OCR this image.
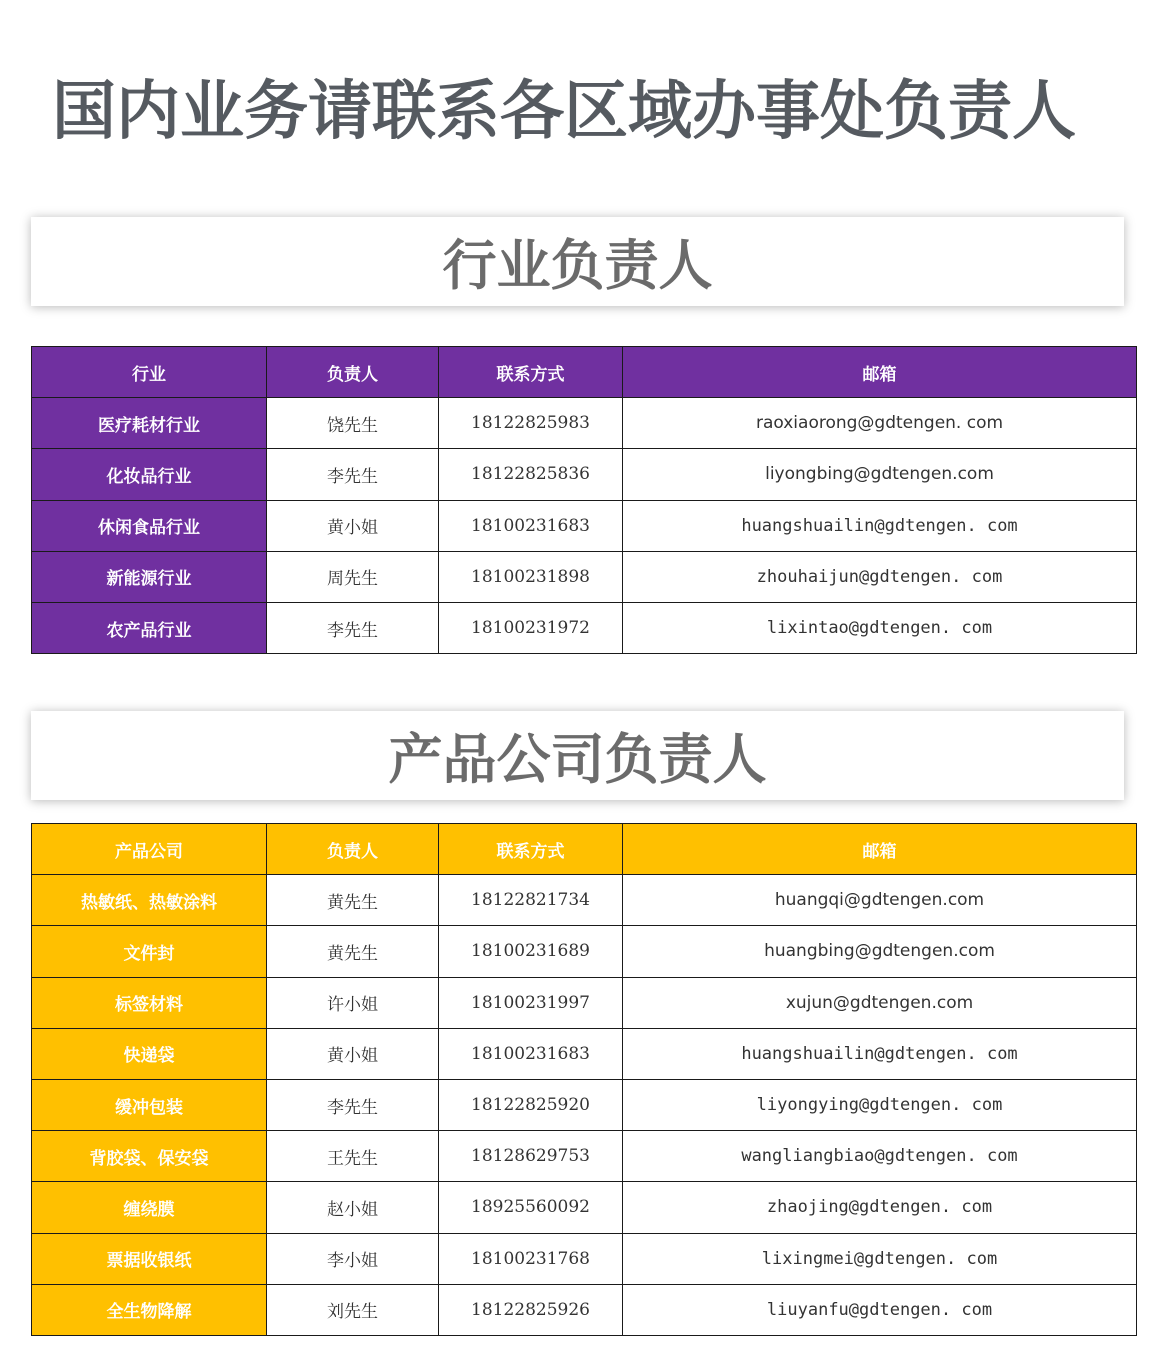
国内业务请联系各区域办事处负责人
行业负责人
行业	负责人	联系方式	邮箱
医疗耗材行业	饶先生	18122825983	raoxiaorong@gdtengen. com
化妆品行业	李先生	18122825836	liyongbing@gdtengen.com
休闲食品行业	黄小姐	18100231683	huangshuailin@gdtengen. com
新能源行业	周先生	18100231898	zhouhaijun@gdtengen. com
农产品行业	李先生	18100231972	lixintao@gdtengen. com
产品公司负责人
产品公司	负责人	联系方式	邮箱
热敏纸、热敏涂料	黄先生	18122821734	huangqi@gdtengen.com
文件封	黄先生	18100231689	huangbing@gdtengen.com
标签材料	许小姐	18100231997	xujun@gdtengen.com
快递袋	黄小姐	18100231683	huangshuailin@gdtengen. com
缓冲包装	李先生	18122825920	liyongying@gdtengen. com
背胶袋、保安袋	王先生	18128629753	wangliangbiao@gdtengen. com
缠绕膜	赵小姐	18925560092	zhaojing@gdtengen. com
票据收银纸	李小姐	18100231768	lixingmei@gdtengen. com
全生物降解	刘先生	18122825926	liuyanfu@gdtengen. com
